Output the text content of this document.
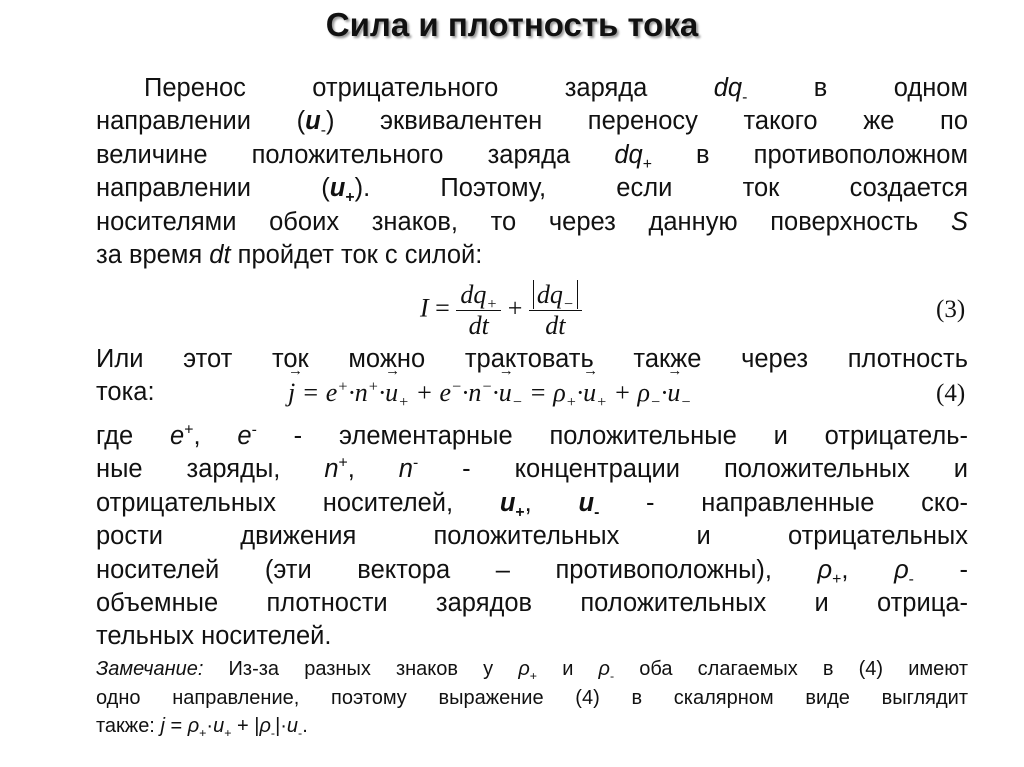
Сила и плотность тока
Перенос отрицательного заряда $dq_-$ в одном
направлении $(и_-)$ эквивалентен переносу такого же по
величине положительного заряда $dq_+$ в противоположном
направлении $(и_+)$. Поэтому, если ток создается
носителями обоих знаков, то через данную поверхность S
за время dt пройдет ток с силой:
$I = \frac{dq_+}{dt} + \frac{dq_-}{dt}$	(3)
Или этот ток можно трактовать также через плотность
тока:
→	$j = e^+\cdot n^+\cdot\to u_+ + e^-\cdot n^-\cdot\to u_- = \rho_+\cdot\to u_+ + \rho_-\cdot\to u_-$	(4)
где e+, e- - элементарные положительные и отрицатель-
ные заряды, n+, n- - концентрации положительных и
отрицательных носителей, $и_+$, $и_-$ - направленные ско-
рости движения положительных и отрицательных
носителей (эти вектора – противоположны), $\rho_+$, $\rho_-$ -
объемные плотности зарядов положительных и отрица-
тельных носителей.
Замечание: Из-за разных знаков у $\rho_+$ и $\rho_-$ оба слагаемых в (4) имеют
одно направление, поэтому выражение (4) в скалярном виде выглядит
также: $j = \rho_+\cdot u_+ + |\rho_-|\cdot u_-$.
